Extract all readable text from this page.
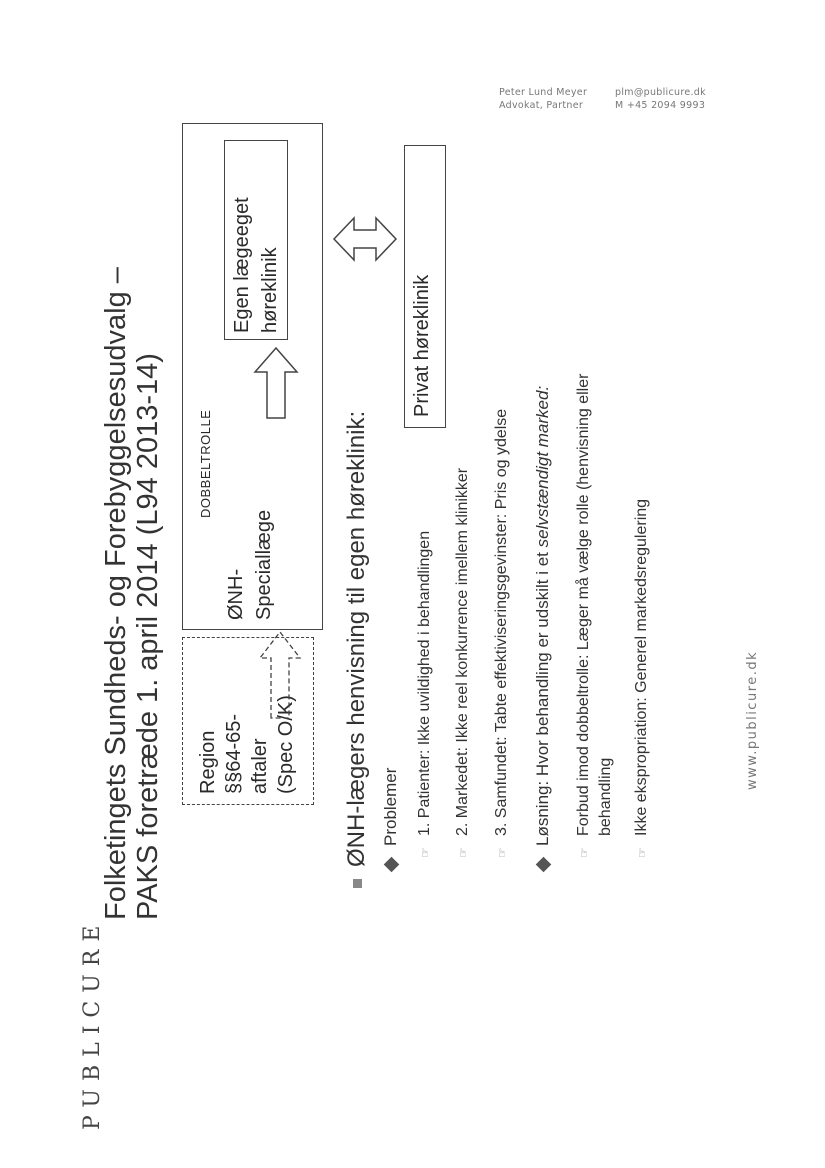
Peter Lund Meyer
Advokat, Partner
plm@publicure.dk
M +45 2094 9993
PUBLICURE
Folketingets Sundheds- og Forebyggelsesudvalg – PAKS foretræde 1. april 2014 (L94 2013-14) Region §§64-65- aftaler (Spec O/K)
DOBBELTROLLE
ØNH- Speciallæge
Egen lægeeget høreklinik	Privat høreklinik
ØNH-lægers henvisning til egen høreklinik: Problemer
☞1. Patienter: Ikke uvildighed i behandlingen
☞2. Markedet: Ikke reel konkurrence imellem klinikker
☞3. Samfundet: Tabte effektiviseringsgevinster: Pris og ydelse Løsning: Hvor behandling er udskilt i et selvstændigt marked:
☞Forbud imod dobbeltrolle: Læger må vælge rolle (henvisning eller behandling
☞Ikke ekspropriation: Generel markedsregulering	www.publicure.dk
